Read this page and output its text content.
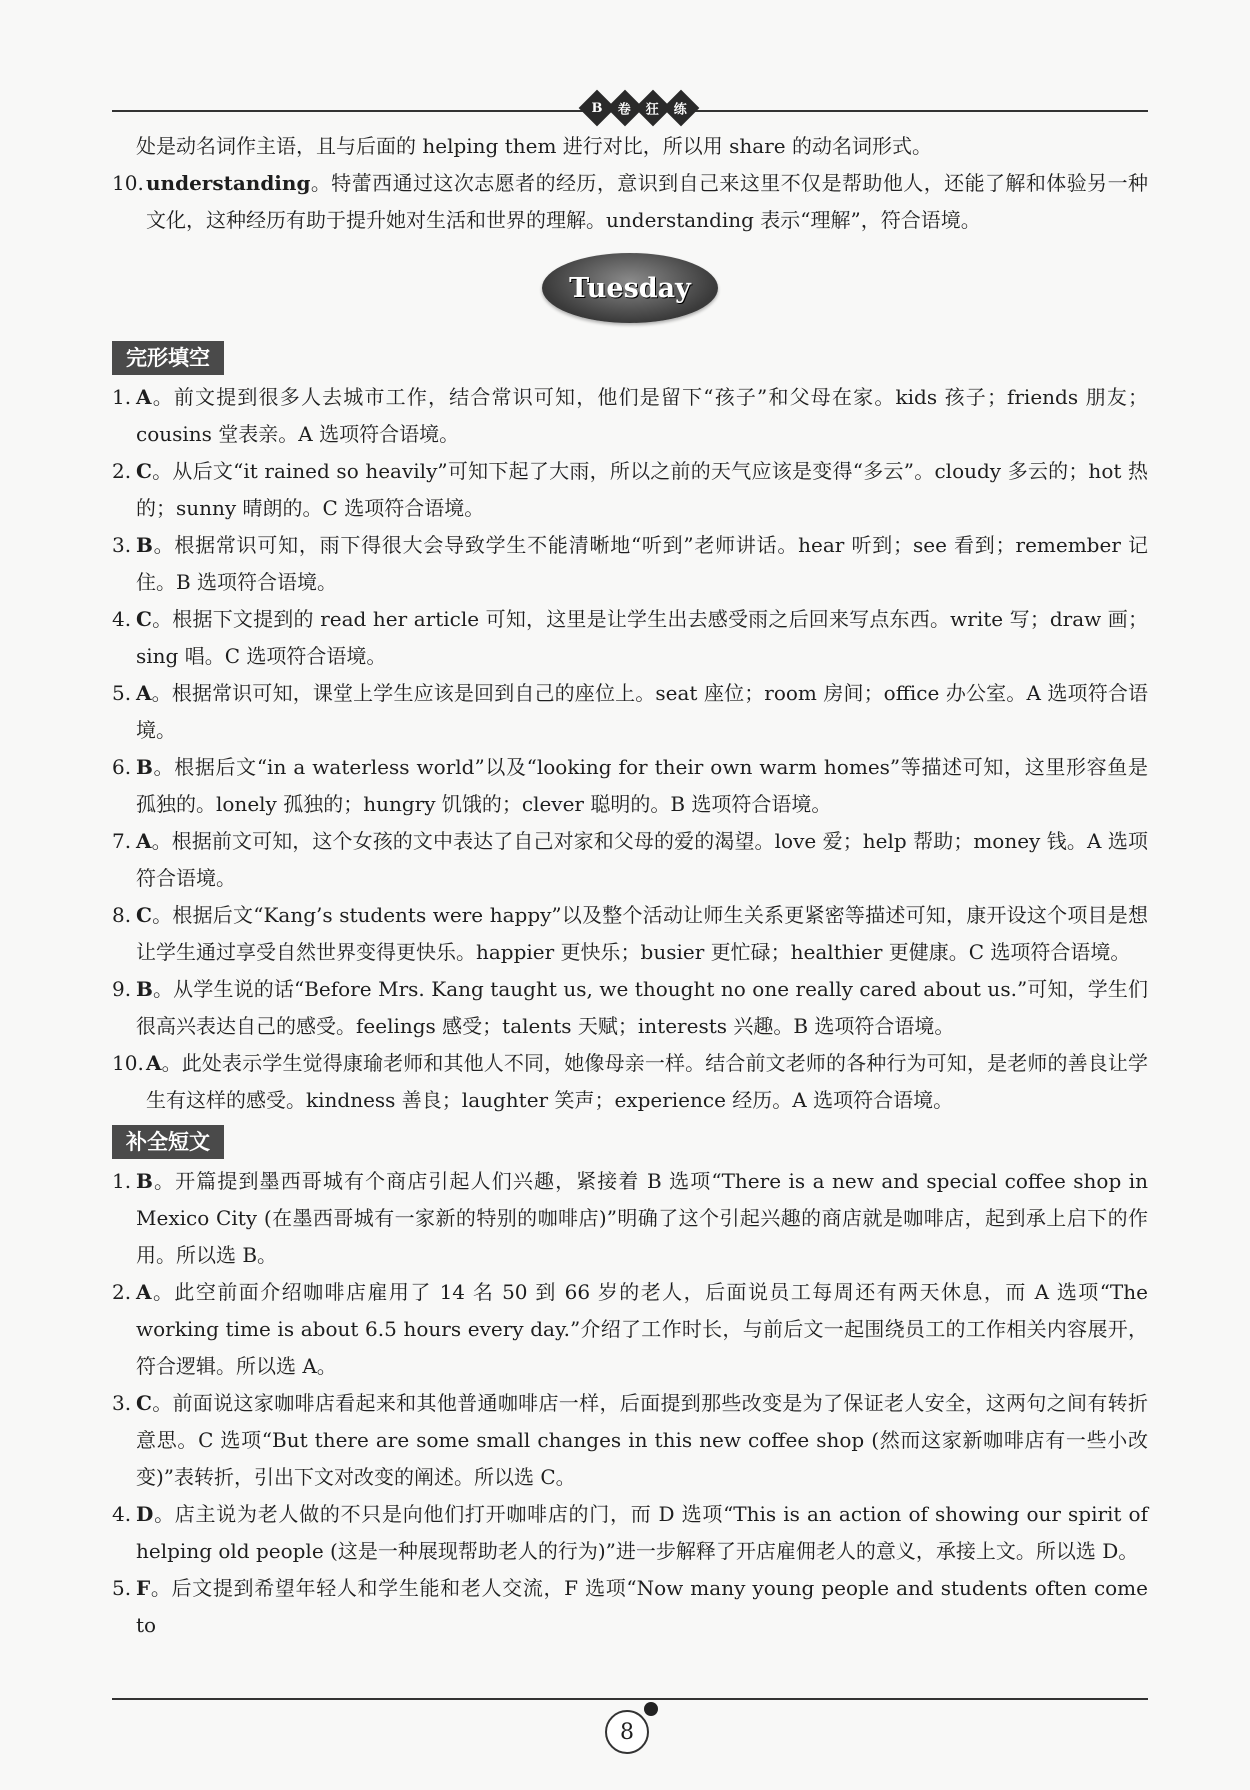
B 卷 狂 练
处是动名词作主语，且与后面的 helping them 进行对比，所以用 share 的动名词形式。
10. understanding。特蕾西通过这次志愿者的经历，意识到自己来这里不仅是帮助他人，还能了解和体验另一种文化，这种经历有助于提升她对生活和世界的理解。understanding 表示“理解”，符合语境。
Tuesday
完形填空
1. A。前文提到很多人去城市工作，结合常识可知，他们是留下“孩子”和父母在家。kids 孩子；friends 朋友；cousins 堂表亲。A 选项符合语境。
2. C。从后文“it rained so heavily”可知下起了大雨，所以之前的天气应该是变得“多云”。cloudy 多云的；hot 热的；sunny 晴朗的。C 选项符合语境。
3. B。根据常识可知，雨下得很大会导致学生不能清晰地“听到”老师讲话。hear 听到；see 看到；remember 记住。B 选项符合语境。
4. C。根据下文提到的 read her article 可知，这里是让学生出去感受雨之后回来写点东西。write 写；draw 画；sing 唱。C 选项符合语境。
5. A。根据常识可知，课堂上学生应该是回到自己的座位上。seat 座位；room 房间；office 办公室。A 选项符合语境。
6. B。根据后文“in a waterless world”以及“looking for their own warm homes”等描述可知，这里形容鱼是孤独的。lonely 孤独的；hungry 饥饿的；clever 聪明的。B 选项符合语境。
7. A。根据前文可知，这个女孩的文中表达了自己对家和父母的爱的渴望。love 爱；help 帮助；money 钱。A 选项符合语境。
8. C。根据后文“Kang’s students were happy”以及整个活动让师生关系更紧密等描述可知，康开设这个项目是想让学生通过享受自然世界变得更快乐。happier 更快乐；busier 更忙碌；healthier 更健康。C 选项符合语境。
9. B。从学生说的话“Before Mrs. Kang taught us, we thought no one really cared about us.”可知，学生们很高兴表达自己的感受。feelings 感受；talents 天赋；interests 兴趣。B 选项符合语境。
10. A。此处表示学生觉得康瑜老师和其他人不同，她像母亲一样。结合前文老师的各种行为可知，是老师的善良让学生有这样的感受。kindness 善良；laughter 笑声；experience 经历。A 选项符合语境。
补全短文
1. B。开篇提到墨西哥城有个商店引起人们兴趣，紧接着 B 选项“There is a new and special coffee shop in Mexico City (在墨西哥城有一家新的特别的咖啡店)”明确了这个引起兴趣的商店就是咖啡店，起到承上启下的作用。所以选 B。
2. A。此空前面介绍咖啡店雇用了 14 名 50 到 66 岁的老人，后面说员工每周还有两天休息，而 A 选项“The working time is about 6.5 hours every day.”介绍了工作时长，与前后文一起围绕员工的工作相关内容展开，符合逻辑。所以选 A。
3. C。前面说这家咖啡店看起来和其他普通咖啡店一样，后面提到那些改变是为了保证老人安全，这两句之间有转折意思。C 选项“But there are some small changes in this new coffee shop (然而这家新咖啡店有一些小改变)”表转折，引出下文对改变的阐述。所以选 C。
4. D。店主说为老人做的不只是向他们打开咖啡店的门，而 D 选项“This is an action of showing our spirit of helping old people (这是一种展现帮助老人的行为)”进一步解释了开店雇佣老人的意义，承接上文。所以选 D。
5. F。后文提到希望年轻人和学生能和老人交流，F 选项“Now many young people and students often come to
8
